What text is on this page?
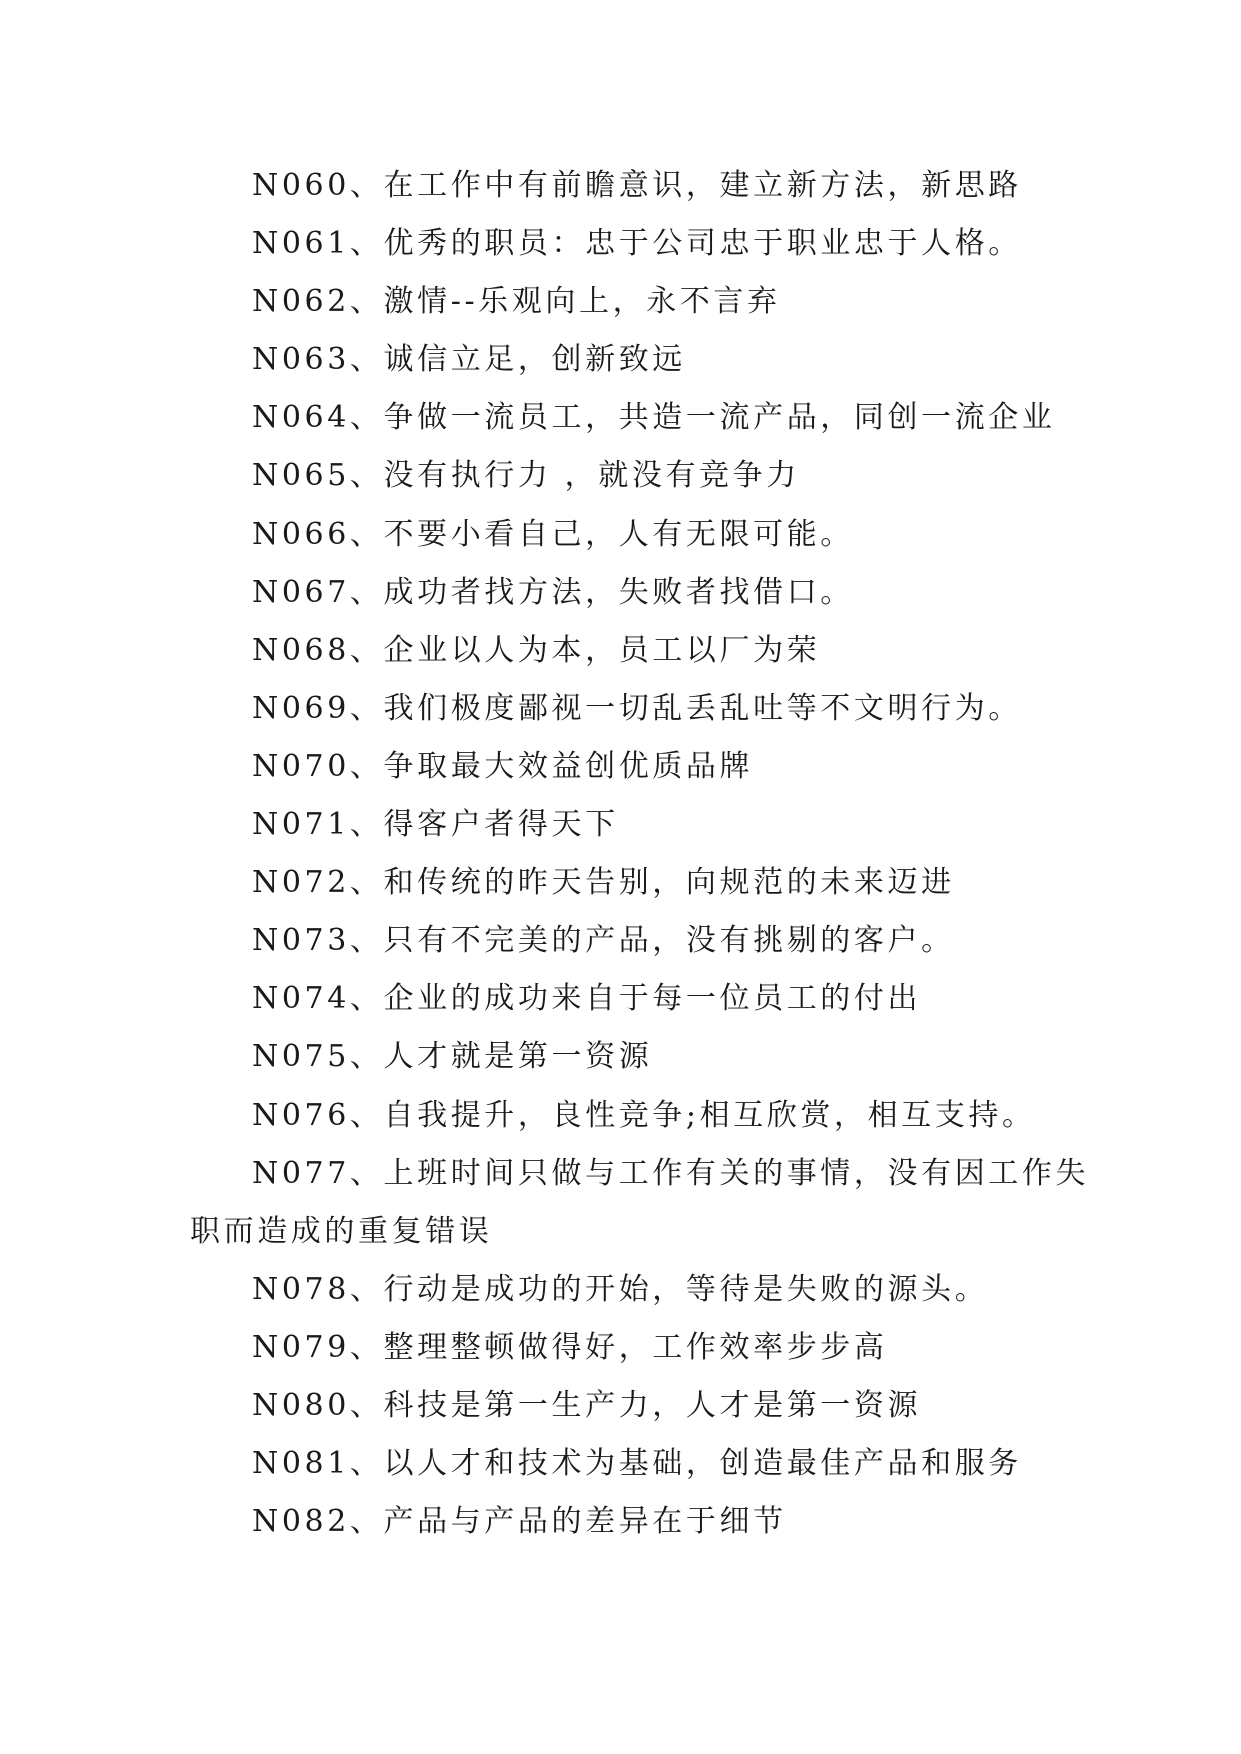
N060、在工作中有前瞻意识，建立新方法，新思路
N061、优秀的职员：忠于公司忠于职业忠于人格。
N062、激情--乐观向上，永不言弃
N063、诚信立足，创新致远
N064、争做一流员工，共造一流产品，同创一流企业
N065、没有执行力 ，就没有竞争力
N066、不要小看自己，人有无限可能。
N067、成功者找方法，失败者找借口。
N068、企业以人为本，员工以厂为荣
N069、我们极度鄙视一切乱丢乱吐等不文明行为。
N070、争取最大效益创优质品牌
N071、得客户者得天下
N072、和传统的昨天告别，向规范的未来迈进
N073、只有不完美的产品，没有挑剔的客户。
N074、企业的成功来自于每一位员工的付出
N075、人才就是第一资源
N076、自我提升，良性竞争;相互欣赏，相互支持。
N077、上班时间只做与工作有关的事情，没有因工作失
职而造成的重复错误
N078、行动是成功的开始，等待是失败的源头。
N079、整理整顿做得好，工作效率步步高
N080、科技是第一生产力，人才是第一资源
N081、以人才和技术为基础，创造最佳产品和服务
N082、产品与产品的差异在于细节
